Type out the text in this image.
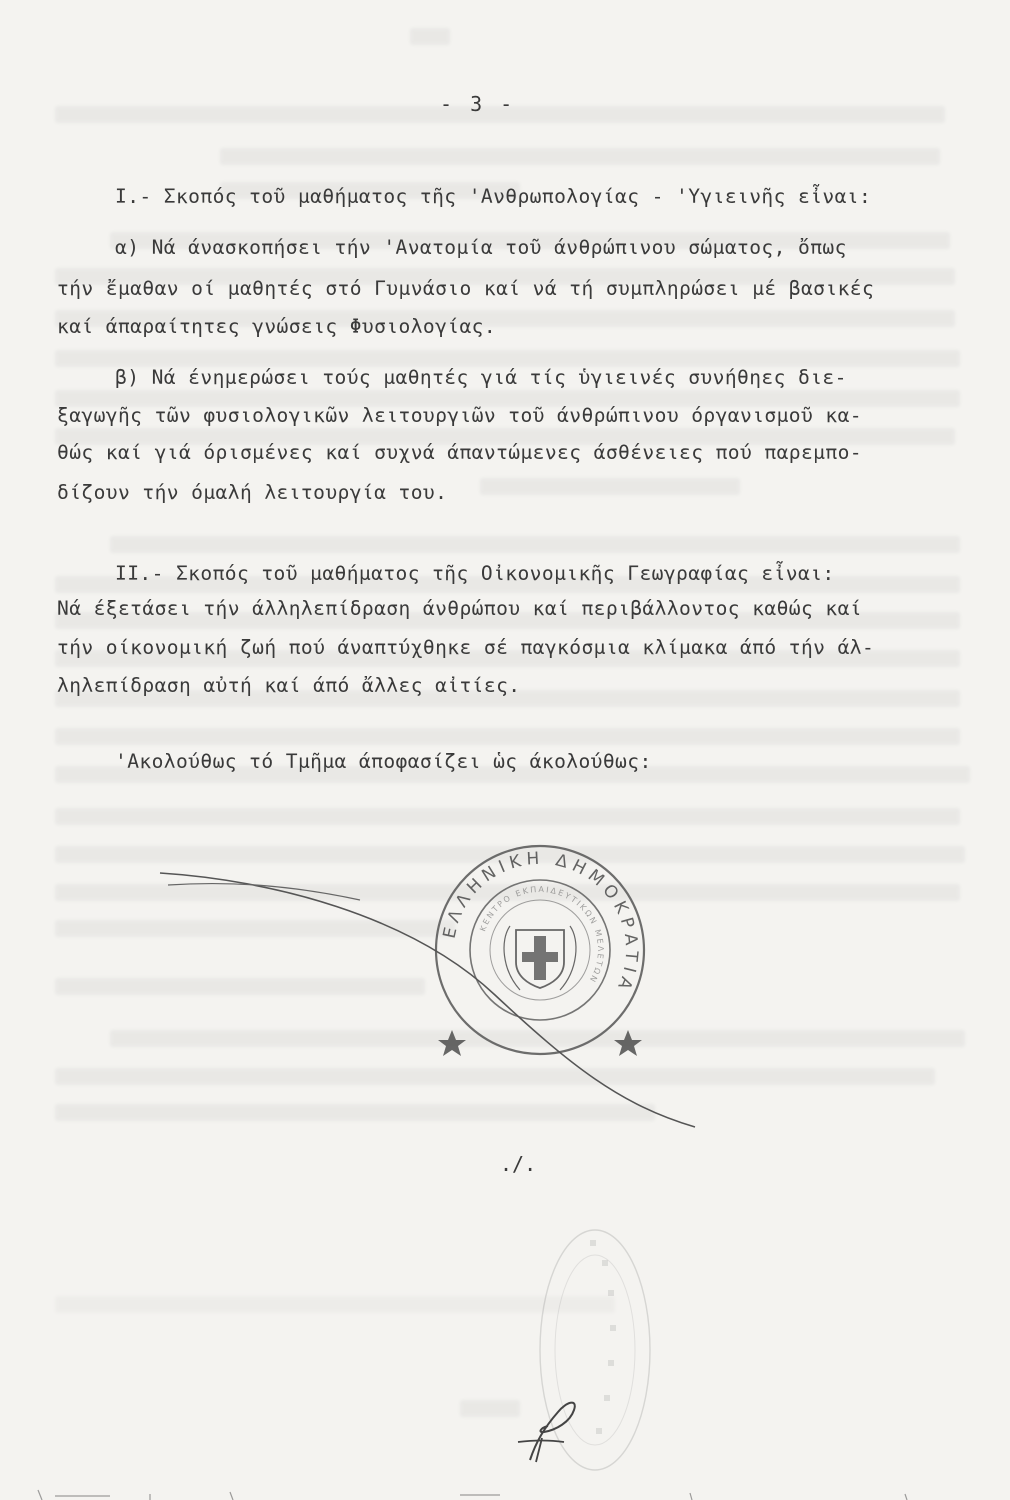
- 3 -
Ι.- Σκοπός τοῦ μαθήματος τῆς 'Ανθρωπολογίας - 'Υγιεινῆς εἶναι:
α) Νά άνασκοπήσει τήν 'Ανατομία τοῦ άνθρώπινου σώματος, ὄπως
τήν ἔμαθαν οί μαθητές στό Γυμνάσιο καί νά τή συμπληρώσει μέ βασικές
καί άπαραίτητες γνώσεις Φυσιολογίας.
β) Νά ένημερώσει τούς μαθητές γιά τίς ὑγιεινές συνήθηες διε-
ξαγωγῆς τῶν φυσιολογικῶν λειτουργιῶν τοῦ άνθρώπινου όργανισμοῦ κα-
θώς καί γιά όρισμένες καί συχνά άπαντώμενες άσθένειες πού παρεμπο-
δίζουν τήν όμαλή λειτουργία του.
ΙΙ.- Σκοπός τοῦ μαθήματος τῆς Οἰκονομικῆς Γεωγραφίας εἶναι:
Νά έξετάσει τήν άλληλεπίδραση άνθρώπου καί περιβάλλοντος καθώς καί
τήν οίκονομική ζωή πού άναπτύχθηκε σέ παγκόσμια κλίμακα άπό τήν άλ-
ληλεπίδραση αὐτή καί άπό ἄλλες αἰτίες.
'Ακολούθως τό Τμῆμα άποφασίζει ὡς άκολούθως:
./.
ΕΛΛΗΝΙΚΗ ΔΗΜΟΚΡΑΤΙΑ
ΚΕΝΤΡΟ ΕΚΠΑΙΔΕΥΤΙΚΩΝ ΜΕΛΕΤΩΝ
